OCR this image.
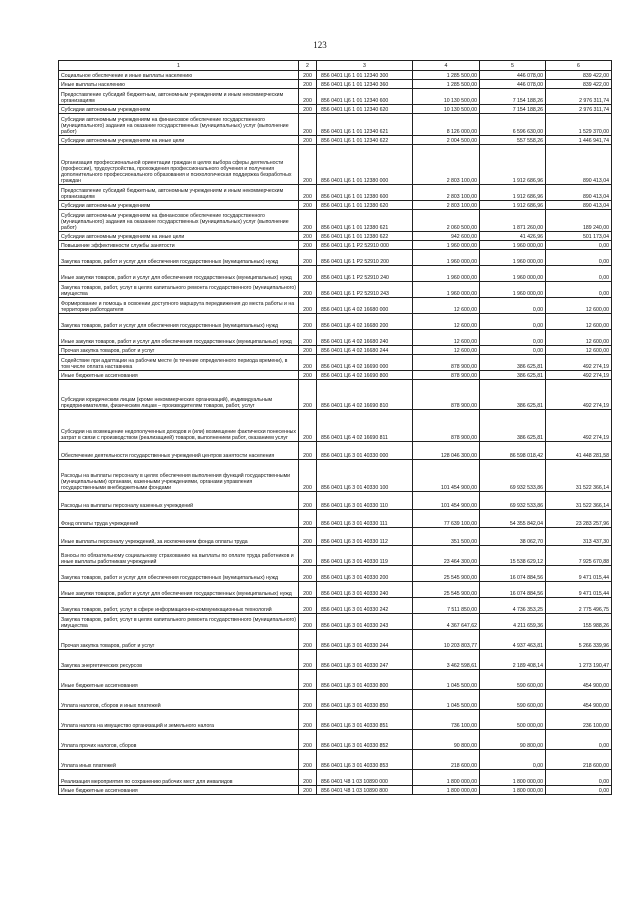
123
1	2	3	4	5	6
Социальное обеспечение и иные выплаты населению	200	856 0401 Ц6 1 01 12340 300	1 285 500,00	446 078,00	839 422,00
Иные выплаты населению	200	856 0401 Ц6 1 01 12340 360	1 285 500,00	446 078,00	839 422,00
Предоставление субсидий бюджетным, автономным учреждениям и иным некоммерческим организациям	200	856 0401 Ц6 1 01 12340 600	10 130 500,00	7 154 188,26	2 976 311,74
Субсидии автономным учреждениям	200	856 0401 Ц6 1 01 12340 620	10 130 500,00	7 154 188,26	2 976 311,74
Субсидии автономным учреждениям на финансовое обеспечение государственного (муниципального) задания на оказание государственных (муниципальных) услуг (выполнение работ)	200	856 0401 Ц6 1 01 12340 621	8 126 000,00	6 596 630,00	1 529 370,00
Субсидии автономным учреждениям на иные цели	200	856 0401 Ц6 1 01 12340 622	2 004 500,00	557 558,26	1 446 941,74
Организация профессиональной ориентации граждан в целях выбора сферы деятельности (профессии), трудоустройства, прохождения профессионального обучения и получения дополнительного профессионального образования и психологическая поддержка безработных граждан	200	856 0401 Ц6 1 01 12380 000	2 803 100,00	1 912 686,96	890 413,04
Предоставление субсидий бюджетным, автономным учреждениям и иным некоммерческим организациям	200	856 0401 Ц6 1 01 12380 600	2 803 100,00	1 912 686,96	890 413,04
Субсидии автономным учреждениям	200	856 0401 Ц6 1 01 12380 620	2 803 100,00	1 912 686,96	890 413,04
Субсидии автономным учреждениям на финансовое обеспечение государственного (муниципального) задания на оказание государственных (муниципальных) услуг (выполнение работ)	200	856 0401 Ц6 1 01 12380 621	2 060 500,00	1 871 260,00	189 240,00
Субсидии автономным учреждениям на иные цели	200	856 0401 Ц6 1 01 12380 622	942 600,00	41 426,96	501 173,04
Повышение эффективности службы занятости	200	856 0401 Ц6 1 Р2 52910 000	1 960 000,00	1 960 000,00	0,00
Закупка товаров, работ и услуг для обеспечения государственных (муниципальных) нужд	200	856 0401 Ц6 1 Р2 52910 200	1 960 000,00	1 960 000,00	0,00
Иные закупки товаров, работ и услуг для обеспечения государственных (муниципальных) нужд	200	856 0401 Ц6 1 Р2 52910 240	1 960 000,00	1 960 000,00	0,00
Закупка товаров, работ, услуг в целях капитального ремонта государственного (муниципального) имущества	200	856 0401 Ц6 1 Р2 52910 243	1 960 000,00	1 960 000,00	0,00
Формирование и помощь в освоении доступного маршрута передвижения до места работы и на территории работодателя	200	856 0401 Ц6 4 02 16680 000	12 600,00	0,00	12 600,00
Закупка товаров, работ и услуг для обеспечения государственных (муниципальных) нужд	200	856 0401 Ц6 4 02 16680 200	12 600,00	0,00	12 600,00
Иные закупки товаров, работ и услуг для обеспечения государственных (муниципальных) нужд	200	856 0401 Ц6 4 02 16680 240	12 600,00	0,00	12 600,00
Прочая закупка товаров, работ и услуг	200	856 0401 Ц6 4 02 16680 244	12 600,00	0,00	12 600,00
Содействие при адаптации на рабочем месте (в течение определенного периода времени), в том числе оплата наставника	200	856 0401 Ц6 4 02 16690 000	878 900,00	386 625,81	492 274,19
Иные бюджетные ассигнования	200	856 0401 Ц6 4 02 16690 800	878 900,00	386 625,81	492 274,19
Субсидии юридическим лицам (кроме некоммерческих организаций), индивидуальным предпринимателям, физическим лицам – производителям товаров, работ, услуг	200	856 0401 Ц6 4 02 16690 810	878 900,00	386 625,81	492 274,19
Субсидии на возмещение недополученных доходов и (или) возмещение фактически понесенных затрат в связи с производством (реализацией) товаров, выполнением работ, оказанием услуг	200	856 0401 Ц6 4 02 16690 811	878 900,00	386 625,81	492 274,19
Обеспечение деятельности государственных учреждений центров занятости населения	200	856 0401 Ц6 3 01 40330 000	128 046 300,00	86 598 018,42	41 448 281,58
Расходы на выплаты персоналу в целях обеспечения выполнения функций государственными (муниципальными) органами, казенными учреждениями, органами управления государственными внебюджетными фондами	200	856 0401 Ц6 3 01 40330 100	101 454 900,00	69 932 533,86	31 522 366,14
Расходы на выплаты персоналу казенных учреждений	200	856 0401 Ц6 3 01 40330 110	101 454 900,00	69 932 533,86	31 522 366,14
Фонд оплаты труда учреждений	200	856 0401 Ц6 3 01 40330 111	77 639 100,00	54 355 842,04	23 283 257,96
Иные выплаты персоналу учреждений, за исключением фонда оплаты труда	200	856 0401 Ц6 3 01 40330 112	351 500,00	38 062,70	313 437,30
Взносы по обязательному социальному страхованию на выплаты по оплате труда работников и иные выплаты работникам учреждений	200	856 0401 Ц6 3 01 40330 119	23 464 300,00	15 538 629,12	7 925 670,88
Закупка товаров, работ и услуг для обеспечения государственных (муниципальных) нужд	200	856 0401 Ц6 3 01 40330 200	25 545 900,00	16 074 884,56	9 471 015,44
Иные закупки товаров, работ и услуг для обеспечения государственных (муниципальных) нужд	200	856 0401 Ц6 3 01 40330 240	25 545 900,00	16 074 884,56	9 471 015,44
Закупка товаров, работ, услуг в сфере информационно-коммуникационных технологий	200	856 0401 Ц6 3 01 40330 242	7 511 850,00	4 736 353,25	2 775 496,75
Закупка товаров, работ, услуг в целях капитального ремонта государственного (муниципального) имущества	200	856 0401 Ц6 3 01 40330 243	4 367 647,62	4 211 659,36	155 988,26
Прочая закупка товаров, работ и услуг	200	856 0401 Ц6 3 01 40330 244	10 203 803,77	4 937 463,81	5 266 339,96
Закупка энергетических ресурсов	200	856 0401 Ц6 3 01 40330 247	3 462 598,61	2 189 408,14	1 273 190,47
Иные бюджетные ассигнования	200	856 0401 Ц6 3 01 40330 800	1 045 500,00	590 600,00	454 900,00
Уплата налогов, сборов и иных платежей	200	856 0401 Ц6 3 01 40330 850	1 045 500,00	590 600,00	454 900,00
Уплата налога на имущество организаций и земельного налога	200	856 0401 Ц6 3 01 40330 851	736 100,00	500 000,00	236 100,00
Уплата прочих налогов, сборов	200	856 0401 Ц6 3 01 40330 852	90 800,00	90 800,00	0,00
Уплата иных платежей	200	856 0401 Ц6 3 01 40330 853	218 600,00	0,00	218 600,00
Реализация мероприятия по сохранению рабочих мест для инвалидов	200	856 0401 Ч8 1 03 10890 000	1 800 000,00	1 800 000,00	0,00
Иные бюджетные ассигнования	200	856 0401 Ч8 1 03 10890 800	1 800 000,00	1 800 000,00	0,00
